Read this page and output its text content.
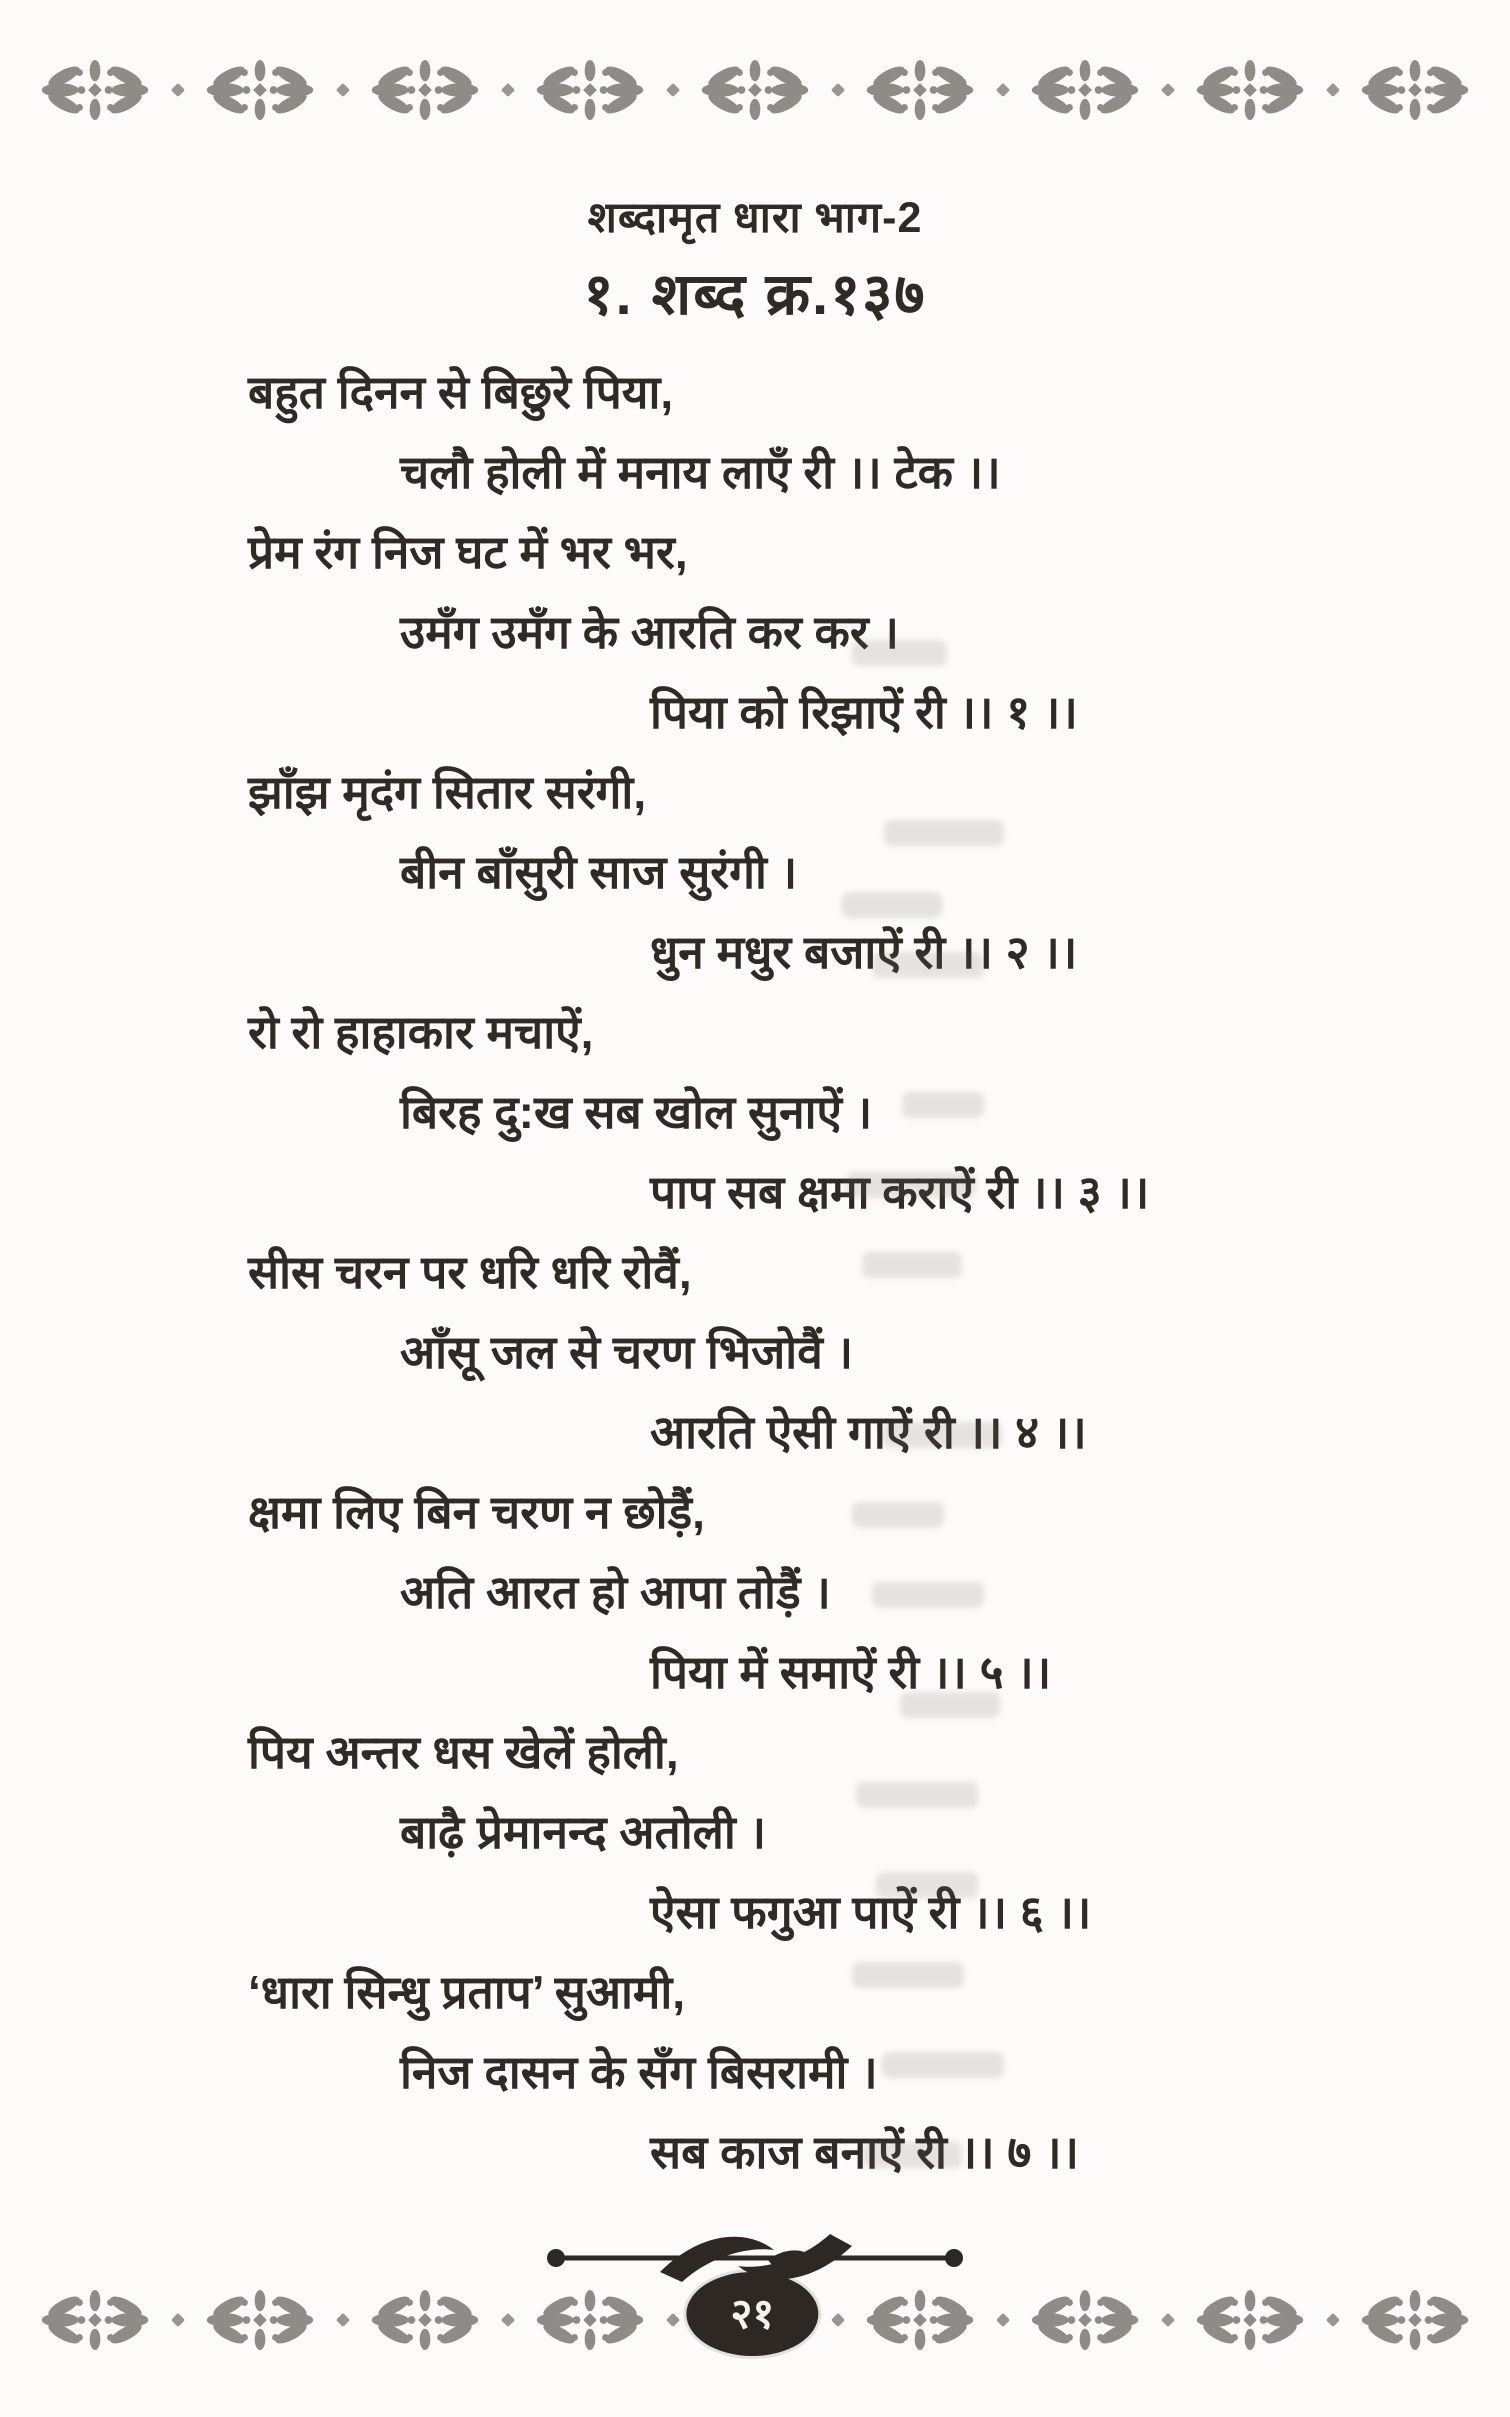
शब्दामृत धारा भाग-2
१. शब्द क्र.१३७
बहुत दिनन से बिछुरे पिया,
चलौ होली में मनाय लाएँ री ।। टेक ।।
प्रेम रंग निज घट में भर भर,
उमँग उमँग के आरति कर कर ।
पिया को रिझाऐं री ।। १ ।।
झाँझ मृदंग सितार सरंगी,
बीन बाँसुरी साज सुरंगी ।
धुन मधुर बजाऐं री ।। २ ।।
रो रो हाहाकार मचाऐं,
बिरह दु:ख सब खोल सुनाऐं ।
पाप सब क्षमा कराऐं री ।। ३ ।।
सीस चरन पर धरि धरि रोवैं,
आँसू जल से चरण भिजोवैं ।
आरति ऐसी गाऐं री ।। ४ ।।
क्षमा लिए बिन चरण न छोड़ैं,
अति आरत हो आपा तोड़ैं ।
पिया में समाऐं री ।। ५ ।।
पिय अन्तर धस खेलें होली,
बाढ़ै प्रेमानन्द अतोली ।
ऐसा फगुआ पाऐं री ।। ६ ।।
‘धारा सिन्धु प्रताप’ सुआमी,
निज दासन के सँग बिसरामी ।
सब काज बनाऐं री ।। ७ ।।
२१
